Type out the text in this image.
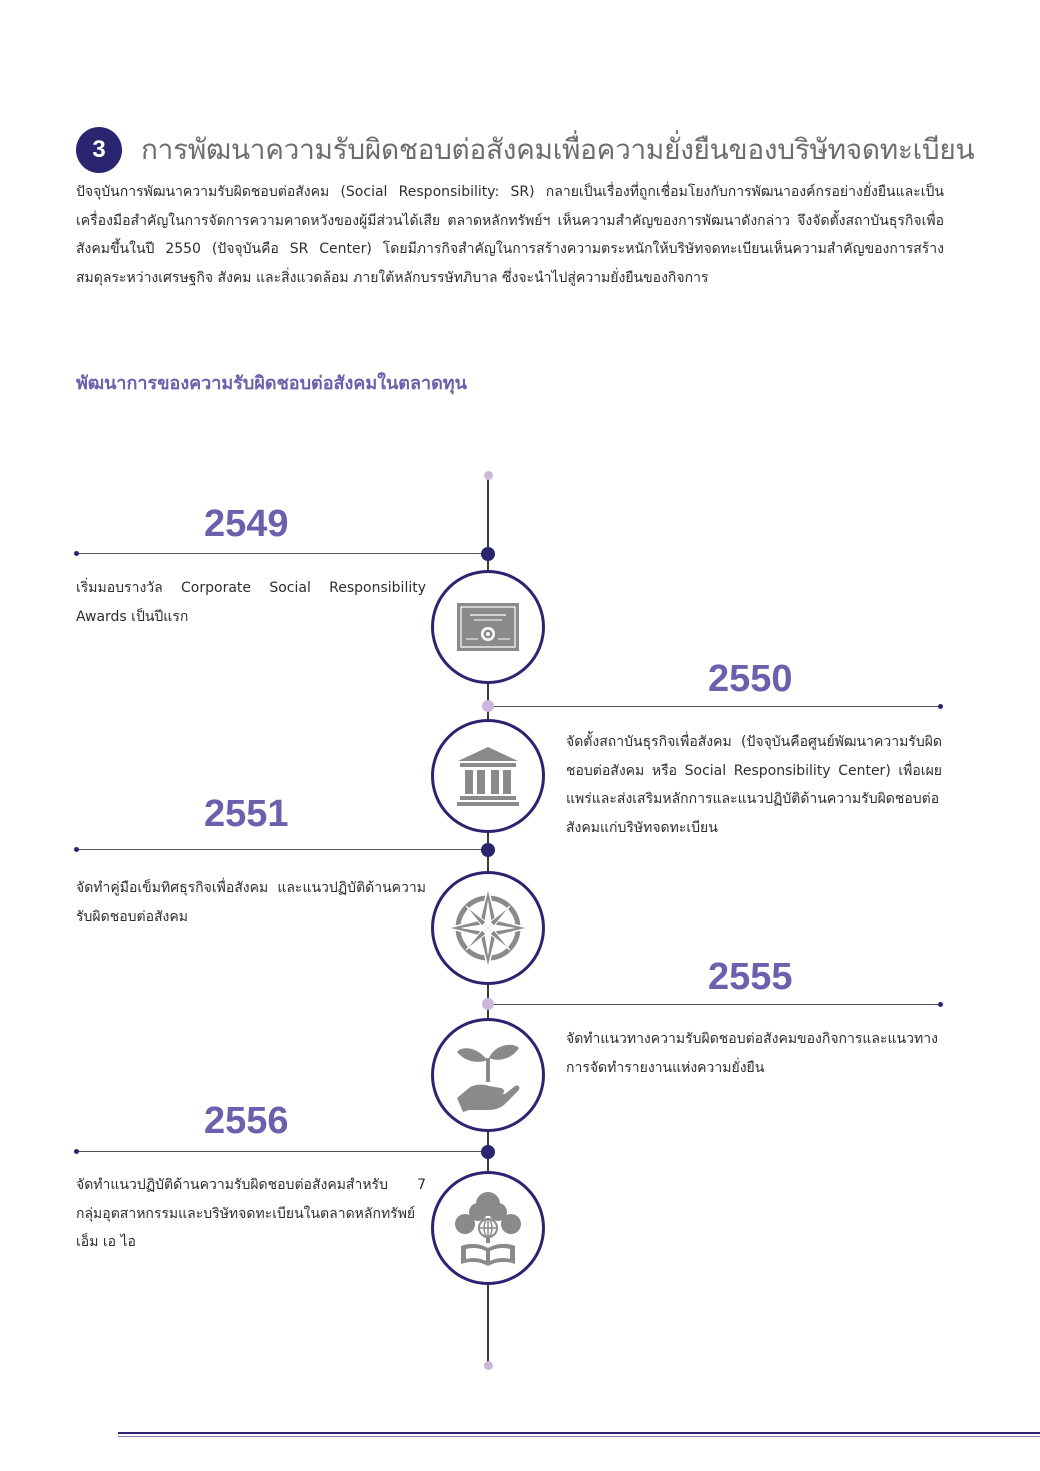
3	การพัฒนาความรับผิดชอบต่อสังคมเพื่อความยั่งยืนของบริษัทจดทะเบียน
ปัจจุบันการพัฒนาความรับผิดชอบต่อสังคม (Social Responsibility: SR) กลายเป็นเรื่องที่ถูกเชื่อมโยงกับการพัฒนาองค์กรอย่างยั่งยืนและเป็นเครื่องมือสำคัญในการจัดการความคาดหวังของผู้มีส่วนได้เสีย ตลาดหลักทรัพย์ฯ เห็นความสำคัญของการพัฒนาดังกล่าว จึงจัดตั้งสถาบันธุรกิจเพื่อสังคมขึ้นในปี 2550 (ปัจจุบันคือ SR Center) โดยมีภารกิจสำคัญในการสร้างความตระหนักให้บริษัทจดทะเบียนเห็นความสำคัญของการสร้างสมดุลระหว่างเศรษฐกิจ สังคม และสิ่งแวดล้อม ภายใต้หลักบรรษัทภิบาล ซึ่งจะนำไปสู่ความยั่งยืนของกิจการ
พัฒนาการของความรับผิดชอบต่อสังคมในตลาดทุน
2549
เริ่มมอบรางวัล Corporate Social Responsibility Awards เป็นปีแรก
2550
จัดตั้งสถาบันธุรกิจเพื่อสังคม (ปัจจุบันคือศูนย์พัฒนาความรับผิดชอบต่อสังคม หรือ Social Responsibility Center) เพื่อเผยแพร่และส่งเสริมหลักการและแนวปฏิบัติด้านความรับผิดชอบต่อสังคมแก่บริษัทจดทะเบียน
2551
จัดทำคู่มือเข็มทิศธุรกิจเพื่อสังคม และแนวปฏิบัติด้านความรับผิดชอบต่อสังคม
2555
จัดทำแนวทางความรับผิดชอบต่อสังคมของกิจการและแนวทางการจัดทำรายงานแห่งความยั่งยืน
2556
จัดทำแนวปฏิบัติด้านความรับผิดชอบต่อสังคมสำหรับ 7 กลุ่มอุตสาหกรรมและบริษัทจดทะเบียนในตลาดหลักทรัพย์ เอ็ม เอ ไอ
